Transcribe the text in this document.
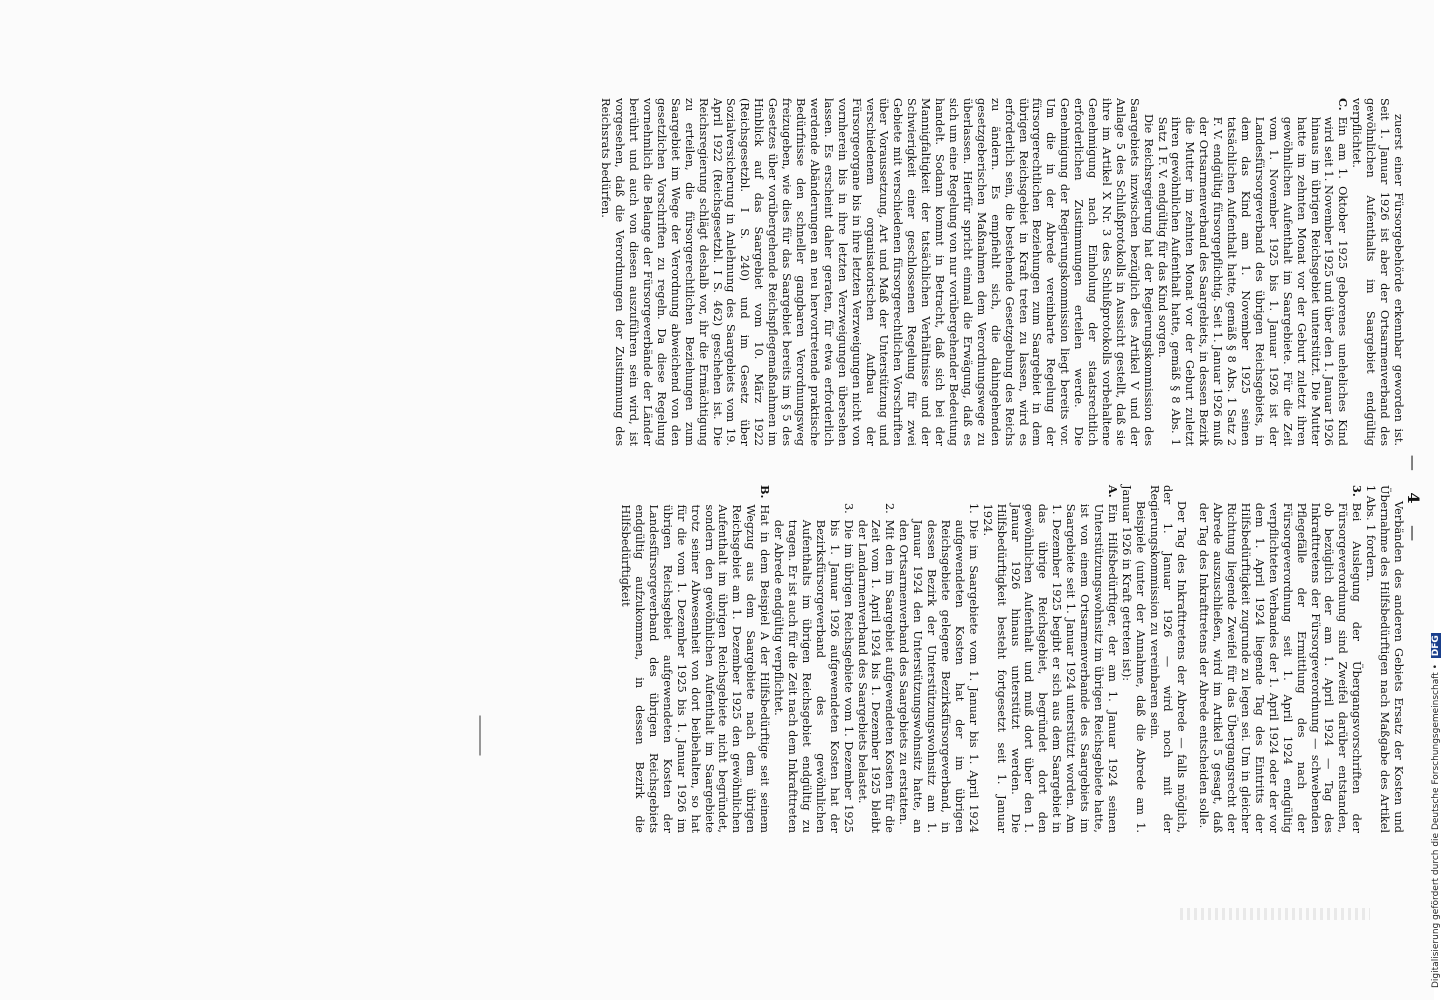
— 4 —

zuerst einer Fürsorgebehörde erkennbar geworden ist. Seit 1. Januar 1926 ist aber der Ortsarmenverband des gewöhnlichen Aufenthalts im Saargebiet endgültig verpflichtet.

C.
Ein am 1. Oktober 1925 geborenes uneheliches Kind wird seit 1. November 1925 und über den 1. Januar 1926 hinaus im übrigen Reichsgebiet unterstützt. Die Mutter hatte im zehnten Monat vor der Geburt zuletzt ihren gewöhnlichen Aufenthalt im Saargebiete. Für die Zeit vom 1. November 1925 bis 1. Januar 1926 ist der Landesfürsorgeverband des übrigen Reichsgebiets, in dem das Kind am 1. November 1925 seinen tatsächlichen Aufenthalt hatte, gemäß § 8 Abs. 1 Satz 2 F. V. endgültig fürsorgepflichtig. Seit 1. Januar 1926 muß der Ortsarmenverband des Saargebiets, in dessen Bezirk die Mutter im zehnten Monat vor der Geburt zuletzt ihren gewöhnlichen Aufenthalt hatte, gemäß § 8 Abs. 1 Satz 1 F. V. endgültig für das Kind sorgen.

Die Reichsregierung hat der Regierungskommission des Saargebiets inzwischen bezüglich des Artikel V und der Anlage 5 des Schlußprotokolls in Aussicht gestellt, daß sie ihre im Artikel X Nr. 3 des Schlußprotokolls vorbehaltene Genehmigung nach Einholung der staatsrechtlich erforderlichen Zustimmungen erteilen werde. Die Genehmigung der Regierungskommission liegt bereits vor. Um die in der Abrede vereinbarte Regelung der fürsorgerechtlichen Beziehungen zum Saargebiet in dem übrigen Reichsgebiet in Kraft treten zu lassen, wird es erforderlich sein, die bestehende Gesetzgebung des Reichs zu ändern. Es empfiehlt sich, die dahingehenden gesetzgeberischen Maßnahmen dem Verordnungswege zu überlassen. Hierfür spricht einmal die Erwägung, daß es sich um eine Regelung von nur vorübergehender Bedeutung handelt. Sodann kommt in Betracht, daß sich bei der Mannigfaltigkeit der tatsächlichen Verhältnisse und der Schwierigkeit einer geschlossenen Regelung für zwei Gebiete mit verschiedenen fürsorgerechtlichen Vorschriften über Voraussetzung, Art und Maß der Unterstützung und verschiedenem organisatorischen Aufbau der Fürsorgeorgane bis in ihre letzten Verzweigungen nicht von vornherein bis in ihre letzten Verzweigungen übersehen lassen. Es erscheint daher geraten, für etwa erforderlich werdende Abänderungen an neu hervortretende praktische Bedürfnisse den schneller gangbaren Verordnungsweg freizugeben, wie dies für das Saargebiet bereits im § 5 des Gesetzes über vorübergehende Reichspflegemaßnahmen im Hinblick auf das Saargebiet vom 10. März 1922 (Reichsgesetzbl. I S. 240) und im Gesetz über Sozialversicherung in Anlehnung des Saargebiets vom 19. April 1922 (Reichsgesetzbl. I S. 462) geschehen ist. Die Reichsregierung schlägt deshalb vor, ihr die Ermächtigung zu erteilen, die fürsorgerechtlichen Beziehungen zum Saargebiet im Wege der Verordnung abweichend von den gesetzlichen Vorschriften zu regeln. Da diese Regelung vornehmlich die Belange der Fürsorgeverbände der Länder berührt und auch von diesen auszuführen sein wird, ist vorgesehen, daß die Verordnungen der Zustimmung des Reichsrats bedürfen.

Verbänden des anderen Gebiets Ersatz der Kosten und Übernahme des Hilfsbedürftigen nach Maßgabe des Artikel 1 Abs. 1 fordern.

3.
Bei Auslegung der Übergangsvorschriften der Fürsorgeverordnung sind Zweifel darüber entstanden, ob bezüglich der am 1. April 1924 — Tag des Inkrafttretens der Fürsorgeverordnung — schwebenden Pflegefälle der Ermittlung des nach der Fürsorgeverordnung seit 1. April 1924 endgültig verpflichteten Verbandes der 1. April 1924 oder der vor dem 1. April 1924 liegende Tag des Eintritts der Hilfsbedürftigkeit zugrunde zu legen sei. Um in gleicher Richtung liegende Zweifel für das Übergangsrecht der Abrede auszuschließen, wird im Artikel 5 gesagt, daß der Tag des Inkrafttretens der Abrede entscheiden solle.

Der Tag des Inkrafttretens der Abrede — falls möglich, der 1. Januar 1926 — wird noch mit der Regierungskommission zu vereinbaren sein.

Beispiele (unter der Annahme, daß die Abrede am 1. Januar 1926 in Kraft getreten ist):

A.
Ein Hilfsbedürftiger, der am 1. Januar 1924 seinen Unterstützungswohnsitz im übrigen Reichsgebiete hatte, ist von einem Ortsarmenverbande des Saargebiets im Saargebiete seit 1. Januar 1924 unterstützt worden. Am 1. Dezember 1925 begibt er sich aus dem Saargebiet in das übrige Reichsgebiet, begründet dort den gewöhnlichen Aufenthalt und muß dort über den 1. Januar 1926 hinaus unterstützt werden. Die Hilfsbedürftigkeit besteht fortgesetzt seit 1. Januar 1924.
1.
Die im Saargebiete vom 1. Januar bis 1. April 1924 aufgewendeten Kosten hat der im übrigen Reichsgebiete gelegene Bezirksfürsorgeverband, in dessen Bezirk der Unterstützungswohnsitz am 1. Januar 1924 den Unterstützungswohnsitz hatte, an den Ortsarmenverband des Saargebiets zu erstatten.
2.
Mit den im Saargebiet aufgewendeten Kosten für die Zeit vom 1. April 1924 bis 1. Dezember 1925 bleibt der Landarmenverband des Saargebiets belastet.
3.
Die im übrigen Reichsgebiete vom 1. Dezember 1925 bis 1. Januar 1926 aufgewendeten Kosten hat der Bezirksfürsorgeverband des gewöhnlichen Aufenthalts im übrigen Reichsgebiet endgültig zu tragen. Er ist auch für die Zeit nach dem Inkrafttreten der Abrede endgültig verpflichtet.
B.
Hat in dem Beispiel A der Hilfsbedürftige seit seinem Wegzug aus dem Saargebiete nach dem übrigen Reichsgebiet am 1. Dezember 1925 den gewöhnlichen Aufenthalt im übrigen Reichsgebiete nicht begründet, sondern den gewöhnlichen Aufenthalt im Saargebiete trotz seiner Abwesenheit von dort beibehalten, so hat für die vom 1. Dezember 1925 bis 1. Januar 1926 im übrigen Reichsgebiet aufgewendeten Kosten der Landesfürsorgeverband des übrigen Reichsgebiets endgültig aufzukommen, in dessen Bezirk die Hilfsbedürftigkeit
Digitalisierung gefördert durch die Deutsche Forschungsgemeinschaft • DFG
